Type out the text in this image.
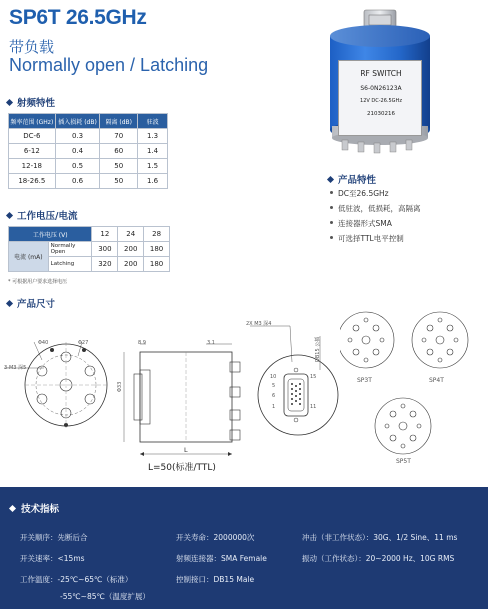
SP6T 26.5GHz
带负载
Normally open / Latching	RF SWITCH
S6-0N26123A
12V DC-26.5GHz
21030216
射频特性
频率范围 (GHz)	插入损耗 (dB)	隔离 (dB)	驻波
DC-6	0.3	70	1.3
6-12	0.4	60	1.4
12-18	0.5	50	1.5
18-26.5	0.6	50	1.6
工作电压/电流
工作电压 (V)		12	24	28
电流 (mA)	Normally Open	300	200	180
	Latching	320	200	180
* 可根据用户要求选择电压
产品特性
DC至26.5GHz
低驻波，低损耗，高隔离
连接器形式SMA
可选择TTL电平控制
产品尺寸
Φ40	Φ27
3-M3 深5
8.9	3.1
Φ33
L
L=50(标准/TTL)
2X M3 深4
DB15 公插
10
5
6
1
15
11
SP3T	SP4T
SP5T
技术指标
开关顺序：先断后合
开关速率：<15ms
工作温度：-25℃~65℃（标准）
-55℃~85℃（温度扩展）
开关寿命：2000000次
射频连接器：SMA Female
控制接口：DB15 Male
冲击（非工作状态）：30G、1/2 Sine、11 ms
振动（工作状态）：20~2000 Hz、10G RMS
